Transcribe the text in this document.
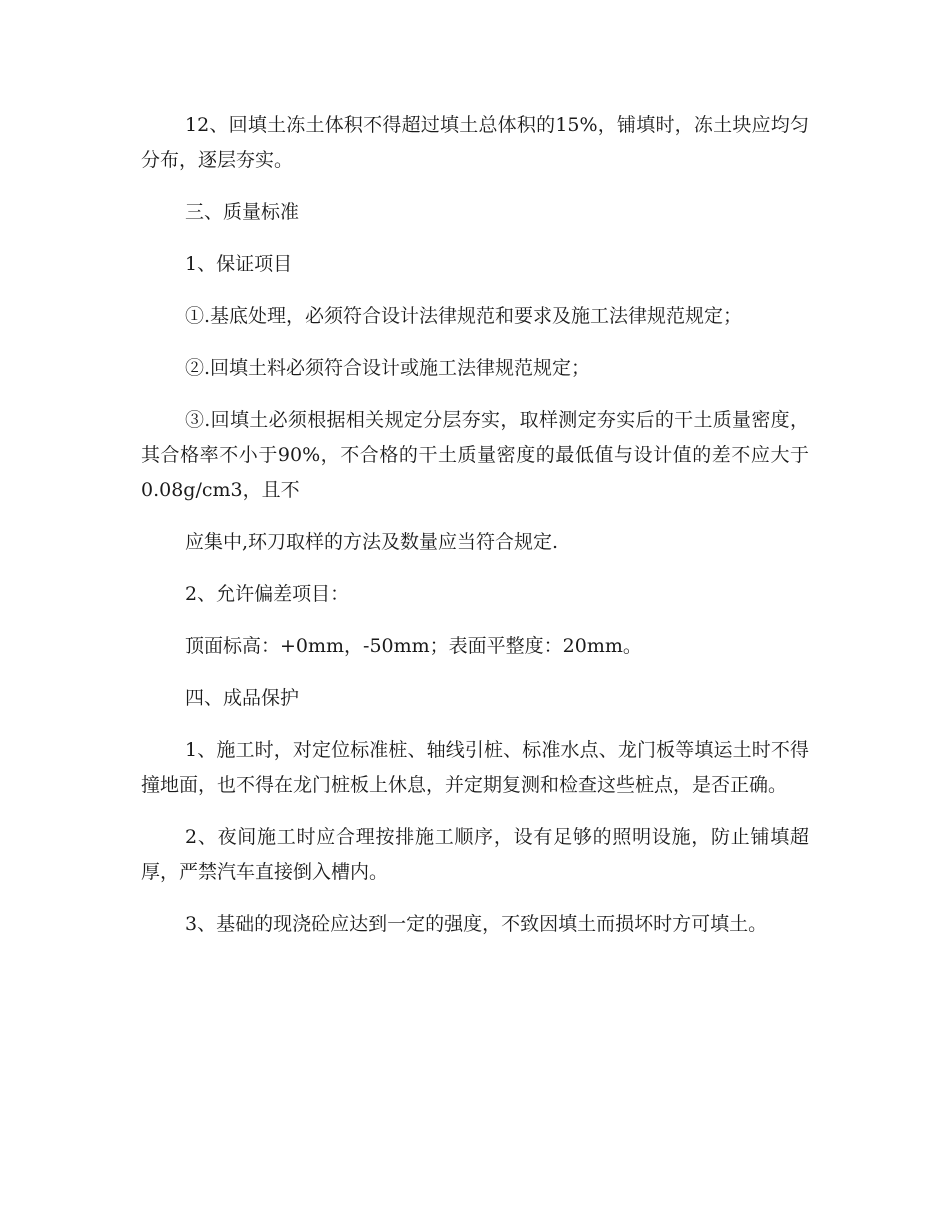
12、回填土冻土体积不得超过填土总体积的15%，铺填时，冻土块应均匀分布，逐层夯实。

三、质量标准

1、保证项目

①.基底处理，必须符合设计法律规范和要求及施工法律规范规定；

②.回填土料必须符合设计或施工法律规范规定；

③.回填土必须根据相关规定分层夯实，取样测定夯实后的干土质量密度，其合格率不小于90%，不合格的干土质量密度的最低值与设计值的差不应大于0.08g/cm3，且不

应集中,环刀取样的方法及数量应当符合规定.

2、允许偏差项目：

顶面标高：+0mm，-50mm；表面平整度：20mm。

四、成品保护

1、施工时，对定位标准桩、轴线引桩、标准水点、龙门板等填运土时不得撞地面，也不得在龙门桩板上休息，并定期复测和检查这些桩点，是否正确。

2、夜间施工时应合理按排施工顺序，设有足够的照明设施，防止铺填超厚，严禁汽车直接倒入槽内。

3、基础的现浇砼应达到一定的强度，不致因填土而损坏时方可填土。
